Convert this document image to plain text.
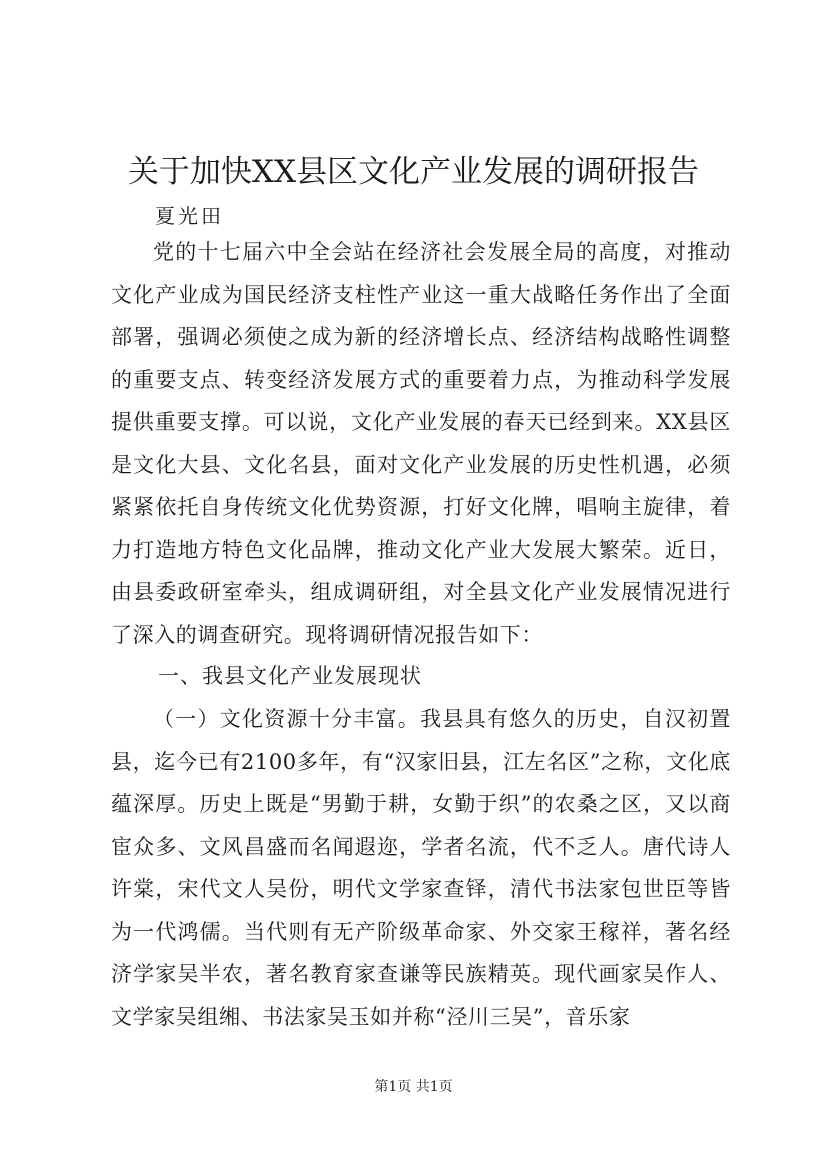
关于加快XX县区文化产业发展的调研报告

夏光田

党的十七届六中全会站在经济社会发展全局的高度，对推动文化产业成为国民经济支柱性产业这一重大战略任务作出了全面部署，强调必须使之成为新的经济增长点、经济结构战略性调整的重要支点、转变经济发展方式的重要着力点，为推动科学发展提供重要支撑。可以说，文化产业发展的春天已经到来。XX县区是文化大县、文化名县，面对文化产业发展的历史性机遇，必须紧紧依托自身传统文化优势资源，打好文化牌，唱响主旋律，着力打造地方特色文化品牌，推动文化产业大发展大繁荣。近日，由县委政研室牵头，组成调研组，对全县文化产业发展情况进行了深入的调查研究。现将调研情况报告如下：

一、我县文化产业发展现状

（一）文化资源十分丰富。我县具有悠久的历史，自汉初置县，迄今已有2100多年，有“汉家旧县，江左名区”之称，文化底蕴深厚。历史上既是“男勤于耕，女勤于织”的农桑之区，又以商宦众多、文风昌盛而名闻遐迩，学者名流，代不乏人。唐代诗人许棠，宋代文人吴份，明代文学家查铎，清代书法家包世臣等皆为一代鸿儒。当代则有无产阶级革命家、外交家王稼祥，著名经济学家吴半农，著名教育家查谦等民族精英。现代画家吴作人、文学家吴组缃、书法家吴玉如并称“泾川三吴”，音乐家

第1页 共1页
